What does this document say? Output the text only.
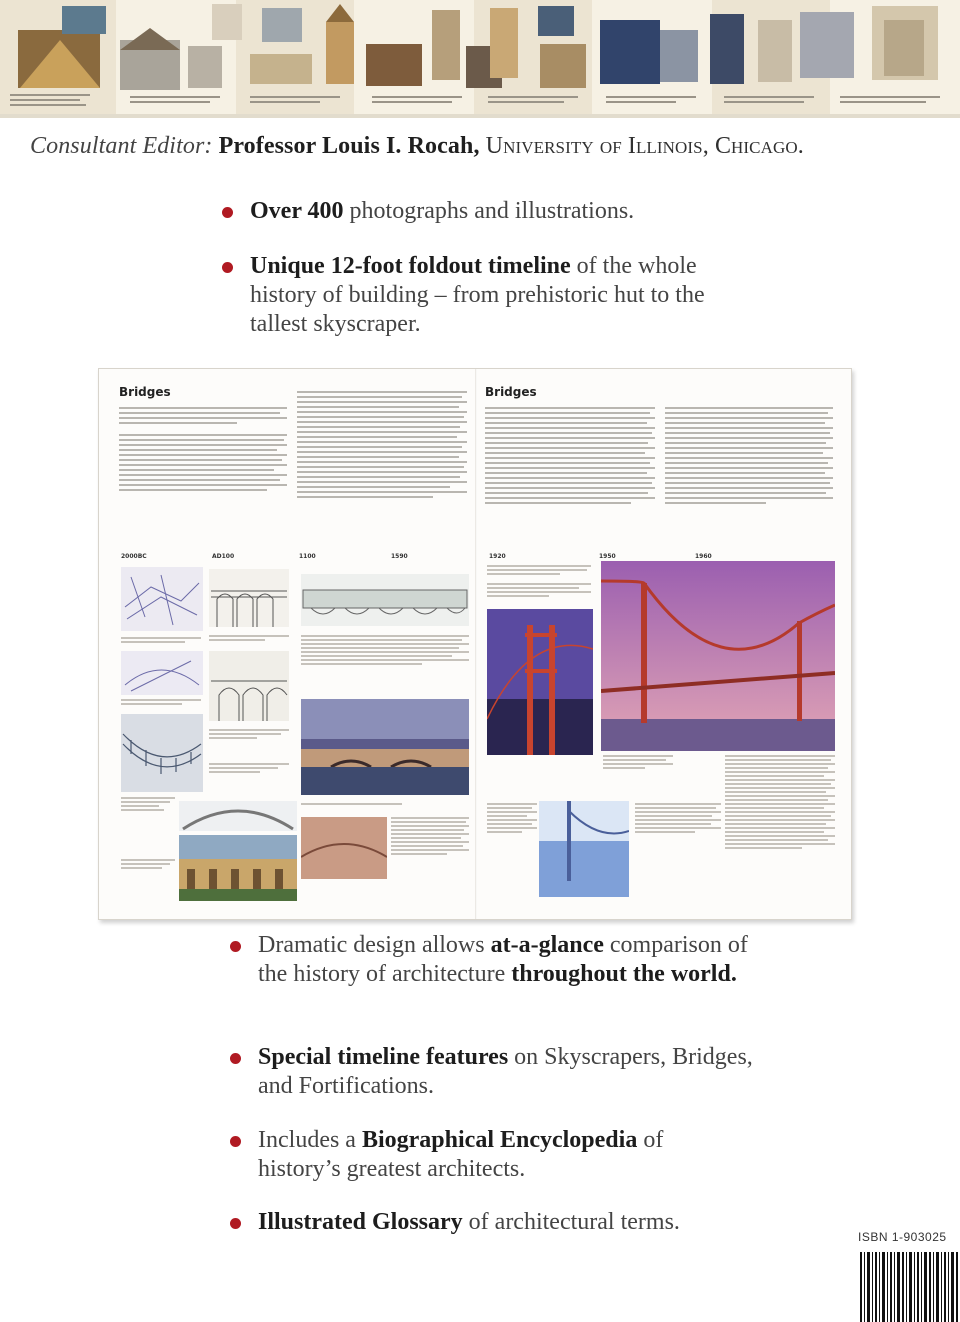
Consultant Editor: Professor Louis I. Rocah, University of Illinois, Chicago.
Over 400 photographs and illustrations.
Unique 12-foot foldout timeline of the whole history of building – from prehistoric hut to the tallest skyscraper.
Bridges	Bridges
2000BC	AD100	1100	1590	1920	1950	1960
Dramatic design allows at-a-glance comparison of the history of architecture throughout the world.
Special timeline features on Skyscrapers, Bridges, and Fortifications.
Includes a Biographical Encyclopedia of history’s greatest architects.
Illustrated Glossary of architectural terms.
ISBN 1-903025
